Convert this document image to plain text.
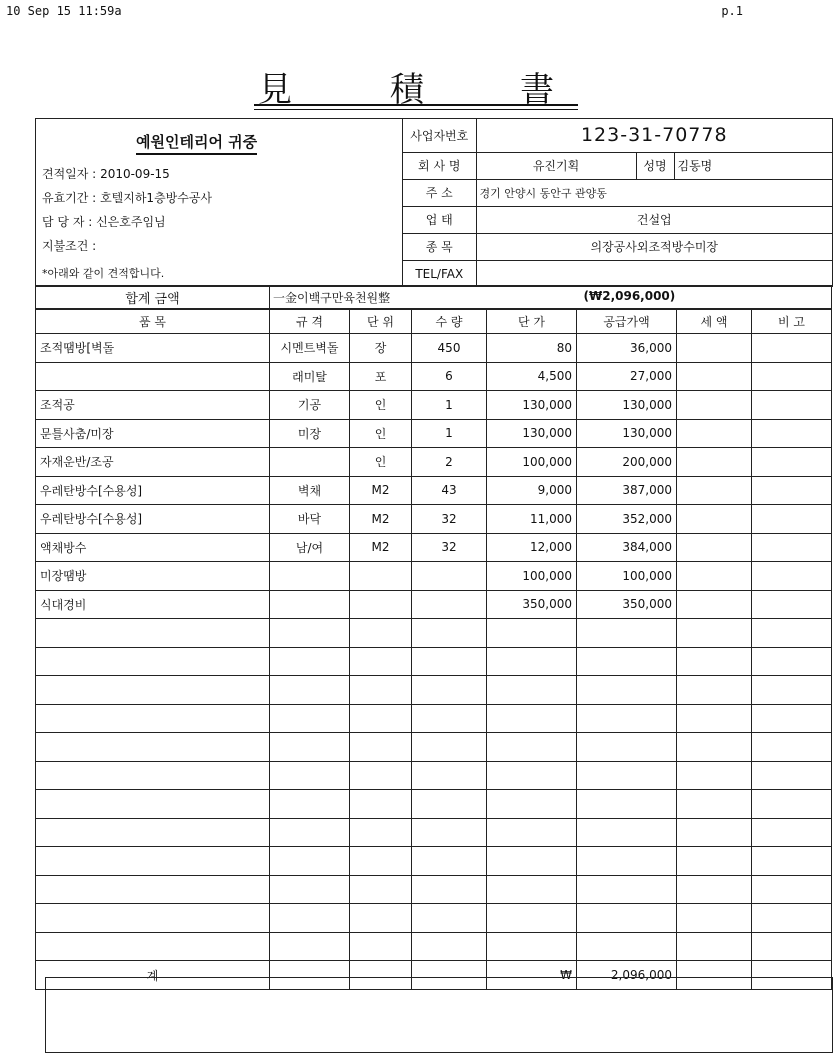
10 Sep 15 11:59a	p.1
見	積	書
예원인테리어 귀중
견적일자 : 2010-09-15
유효기간 : 호텔지하1층방수공사
담 당 자 : 신은호주임님
지불조건 :
*아래와 같이 견적합니다.
사업자번호	123-31-70778		
회 사 명	유진기획	성명	김동명
주 소	경기 안양시 동안구 관양동		
업 태	건설업		
종 목	의장공사외조적방수미장		
TEL/FAX			
합계 금액	一金이백구만육천원整	(₩2,096,000)
품 목	규 격	단 위	수 량	단 가	공급가액	세 액	비 고
조적땜방[벽돌	시멘트벽돌	장	450	80	36,000		
	래미탈	포	6	4,500	27,000		
조적공	기공	인	1	130,000	130,000		
문틀사춤/미장	미장	인	1	130,000	130,000		
자재운반/조공		인	2	100,000	200,000		
우레탄방수[수용성]	벽채	M2	43	9,000	387,000		
우레탄방수[수용성]	바닥	M2	32	11,000	352,000		
액채방수	남/여	M2	32	12,000	384,000		
미장땜방				100,000	100,000		
식대경비				350,000	350,000		

계				₩	2,096,000		
